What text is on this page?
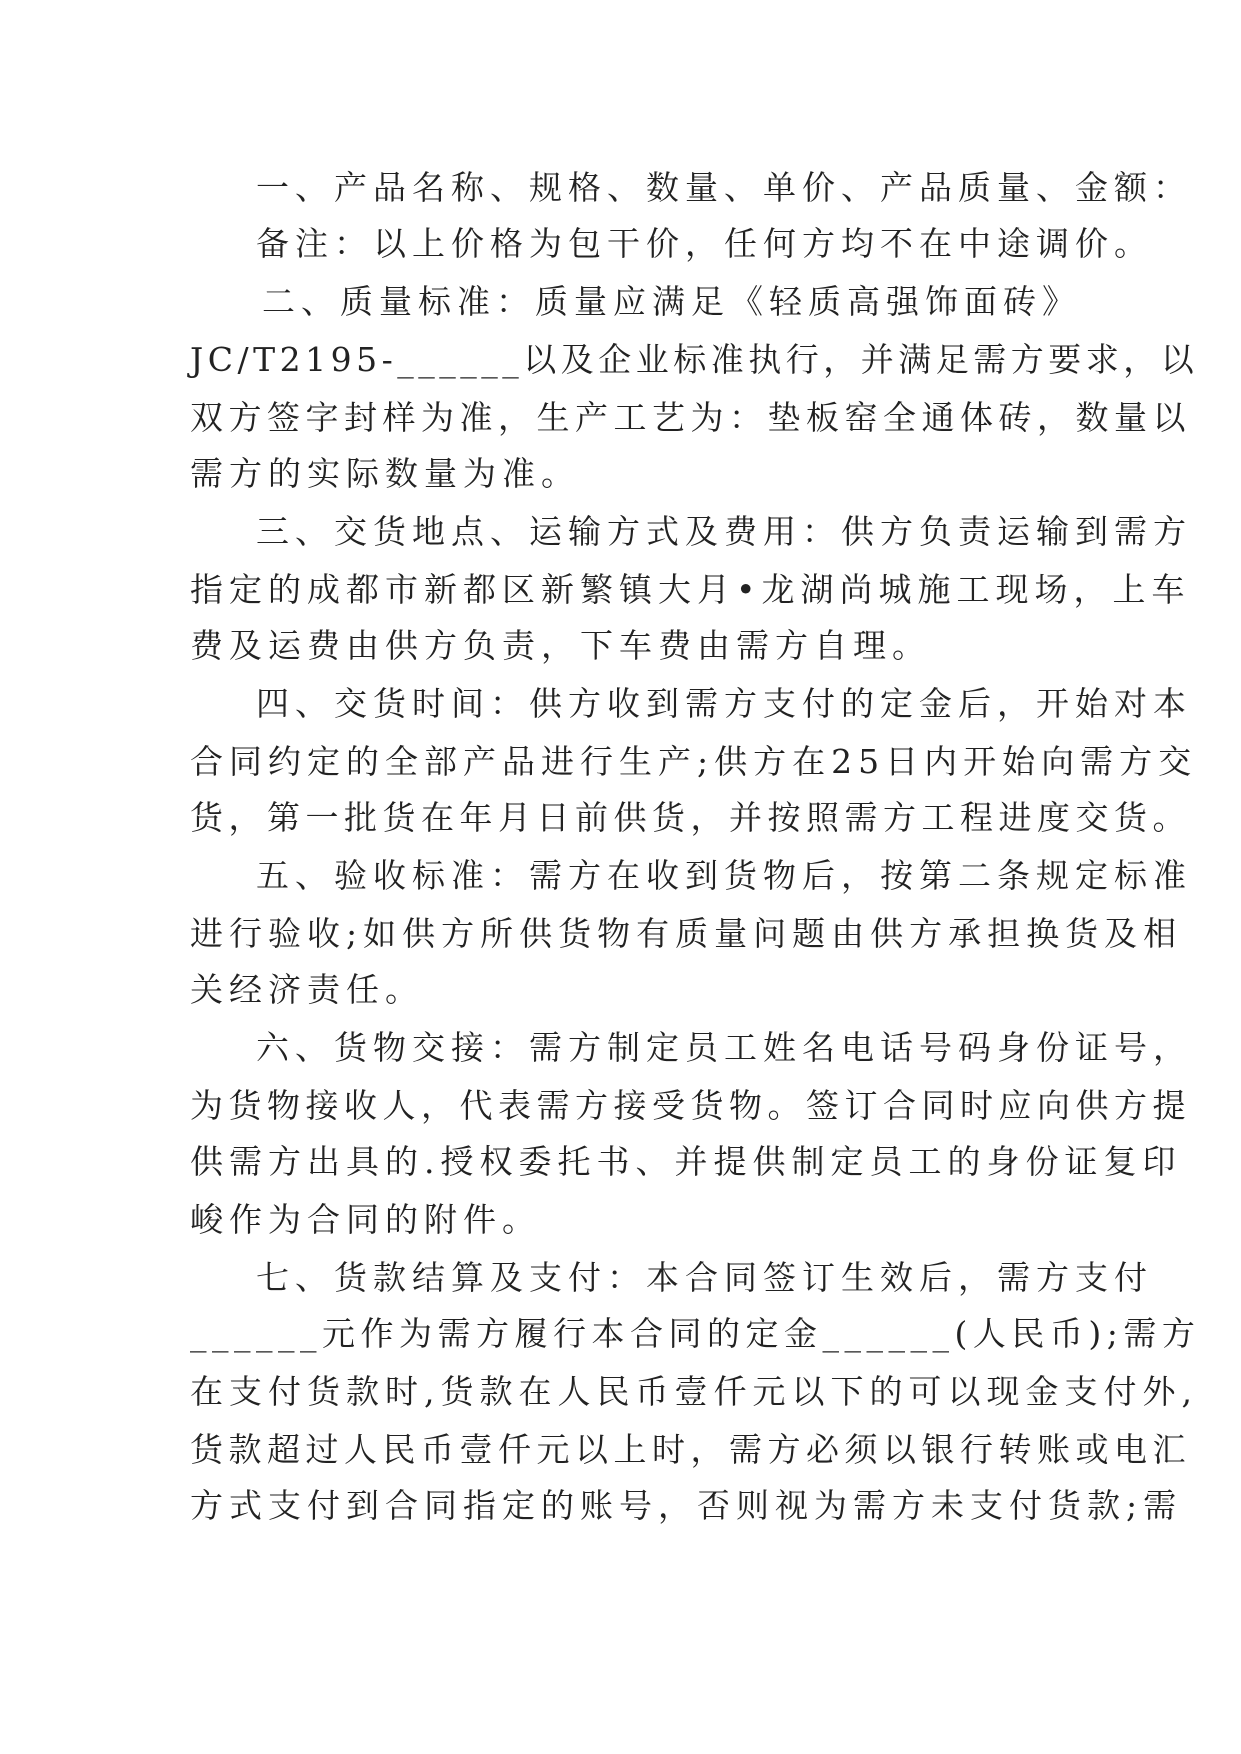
一、产品名称、规格、数量、单价、产品质量、金额：
备注：以上价格为包干价，任何方均不在中途调价。
二、质量标准：质量应满足《轻质高强饰面砖》
JC/T2195-______以及企业标准执行，并满足需方要求，以
双方签字封样为准，生产工艺为：垫板窑全通体砖，数量以
需方的实际数量为准。
三、交货地点、运输方式及费用：供方负责运输到需方
指定的成都市新都区新繁镇大月•龙湖尚城施工现场，上车
费及运费由供方负责，下车费由需方自理。
四、交货时间：供方收到需方支付的定金后，开始对本
合同约定的全部产品进行生产;供方在25日内开始向需方交
货，第一批货在年月日前供货，并按照需方工程进度交货。
五、验收标准：需方在收到货物后，按第二条规定标准
进行验收;如供方所供货物有质量问题由供方承担换货及相
关经济责任。
六、货物交接：需方制定员工姓名电话号码身份证号，
为货物接收人，代表需方接受货物。签订合同时应向供方提
供需方出具的.授权委托书、并提供制定员工的身份证复印
峻作为合同的附件。
七、货款结算及支付：本合同签订生效后，需方支付
______元作为需方履行本合同的定金______(人民币);需方
在支付货款时,货款在人民币壹仟元以下的可以现金支付外,
货款超过人民币壹仟元以上时，需方必须以银行转账或电汇
方式支付到合同指定的账号，否则视为需方未支付货款;需
